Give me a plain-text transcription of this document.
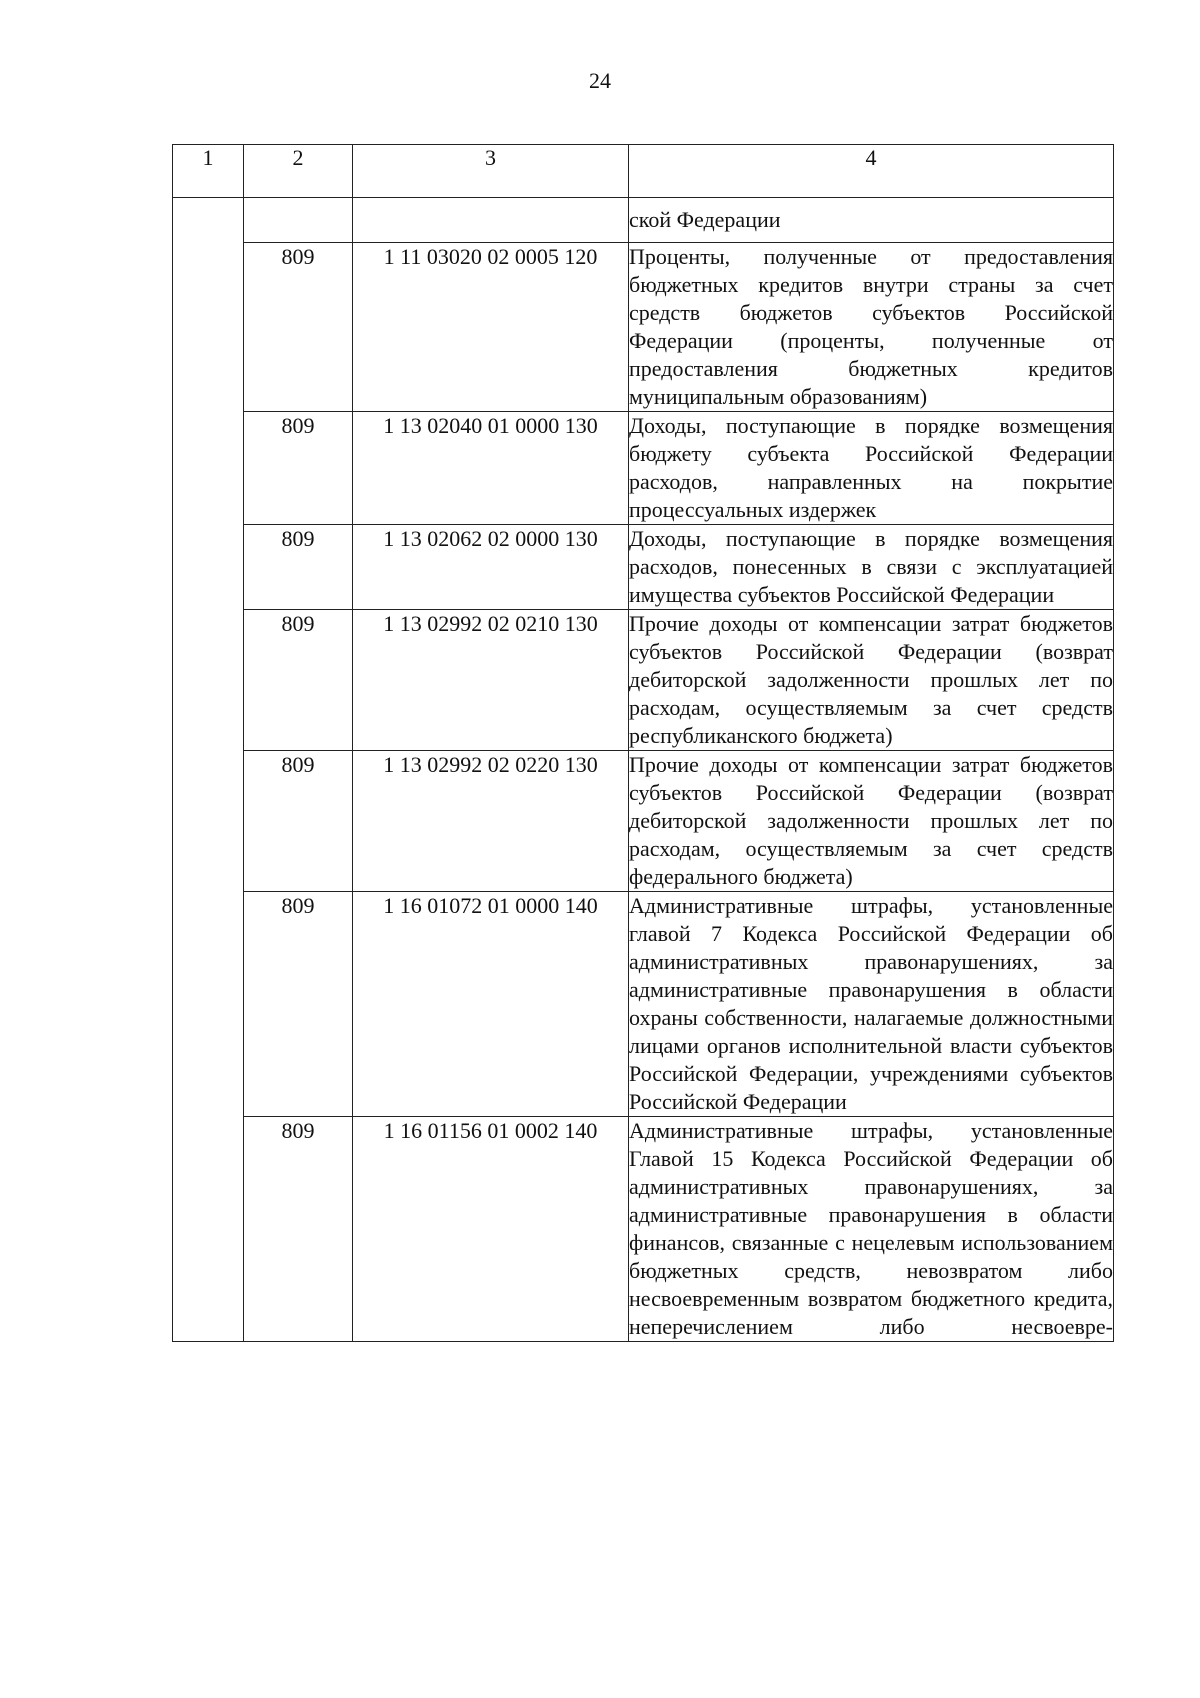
24
1	2	3	4
			ской Федерации
	809	1 11 03020 02 0005 120	Проценты, полученные от предоставления бюджетных кредитов внутри страны за счет средств бюджетов субъектов Российской Федерации (проценты, полученные от предоставления бюджетных кредитов муниципальным образованиям)
	809	1 13 02040 01 0000 130	Доходы, поступающие в порядке возмещения бюджету субъекта Российской Федерации расходов, направленных на покрытие процессуальных издержек
	809	1 13 02062 02 0000 130	Доходы, поступающие в порядке возмещения расходов, понесенных в связи с эксплуатацией имущества субъектов Российской Федерации
	809	1 13 02992 02 0210 130	Прочие доходы от компенсации затрат бюджетов субъектов Российской Федерации (возврат дебиторской задолженности прошлых лет по расходам, осуществляемым за счет средств республиканского бюджета)
	809	1 13 02992 02 0220 130	Прочие доходы от компенсации затрат бюджетов субъектов Российской Федерации (возврат дебиторской задолженности прошлых лет по расходам, осуществляемым за счет средств федерального бюджета)
	809	1 16 01072 01 0000 140	Административные штрафы, установленные главой 7 Кодекса Российской Федерации об административных правонарушениях, за административные правонарушения в области охраны собственности, налагаемые должностными лицами органов исполнительной власти субъектов Российской Федерации, учреждениями субъектов Российской Федерации
	809	1 16 01156 01 0002 140	Административные штрафы, установленные Главой 15 Кодекса Российской Федерации об административных правонарушениях, за административные правонарушения в области финансов, связанные с нецелевым использованием бюджетных средств, невозвратом либо несвоевременным возвратом бюджетного кредита, неперечислением либо несвоевре-
